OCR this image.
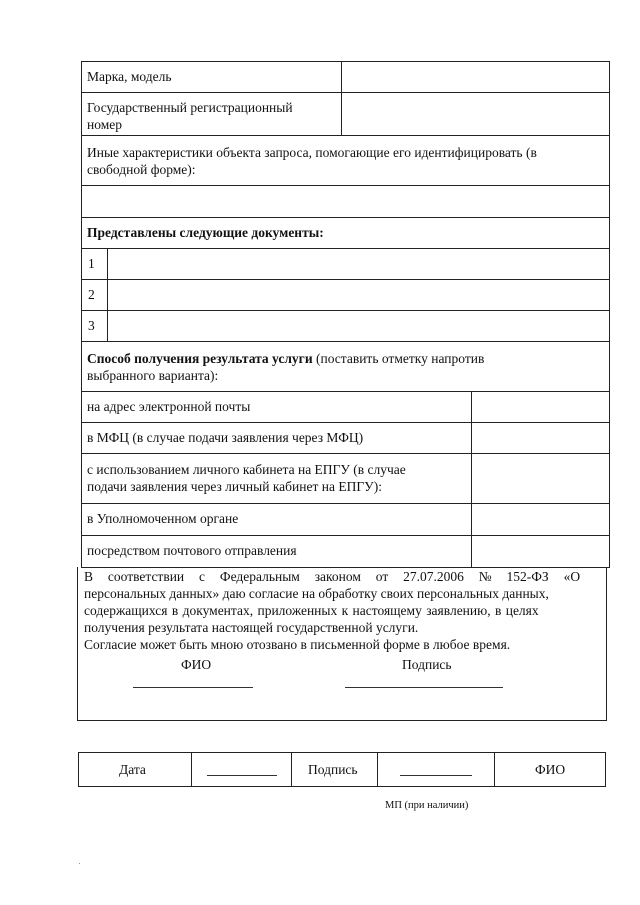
Марка, модель
Государственный регистрационный
номер
Иные характеристики объекта запроса, помогающие его идентифицировать (в
свободной форме):
Представлены следующие документы:
1
2
3
Способ получения результата услуги (поставить отметку напротив
выбранного варианта):
на адрес электронной почты
в МФЦ (в случае подачи заявления через МФЦ)
с использованием личного кабинета на ЕПГУ (в случае
подачи заявления через личный кабинет на ЕПГУ):
в Уполномоченном органе
посредством почтового отправления
В соответствии с Федеральным законом от 27.07.2006 № 152-ФЗ «О
персональных данных» даю согласие на обработку своих персональных данных,
содержащихся в документах, приложенных к настоящему заявлению, в целях
получения результата настоящей государственной услуги.
Согласие может быть мною отозвано в письменной форме в любое время.
ФИО	Подпись
Дата	Подпись	ФИО
МП (при наличии)
